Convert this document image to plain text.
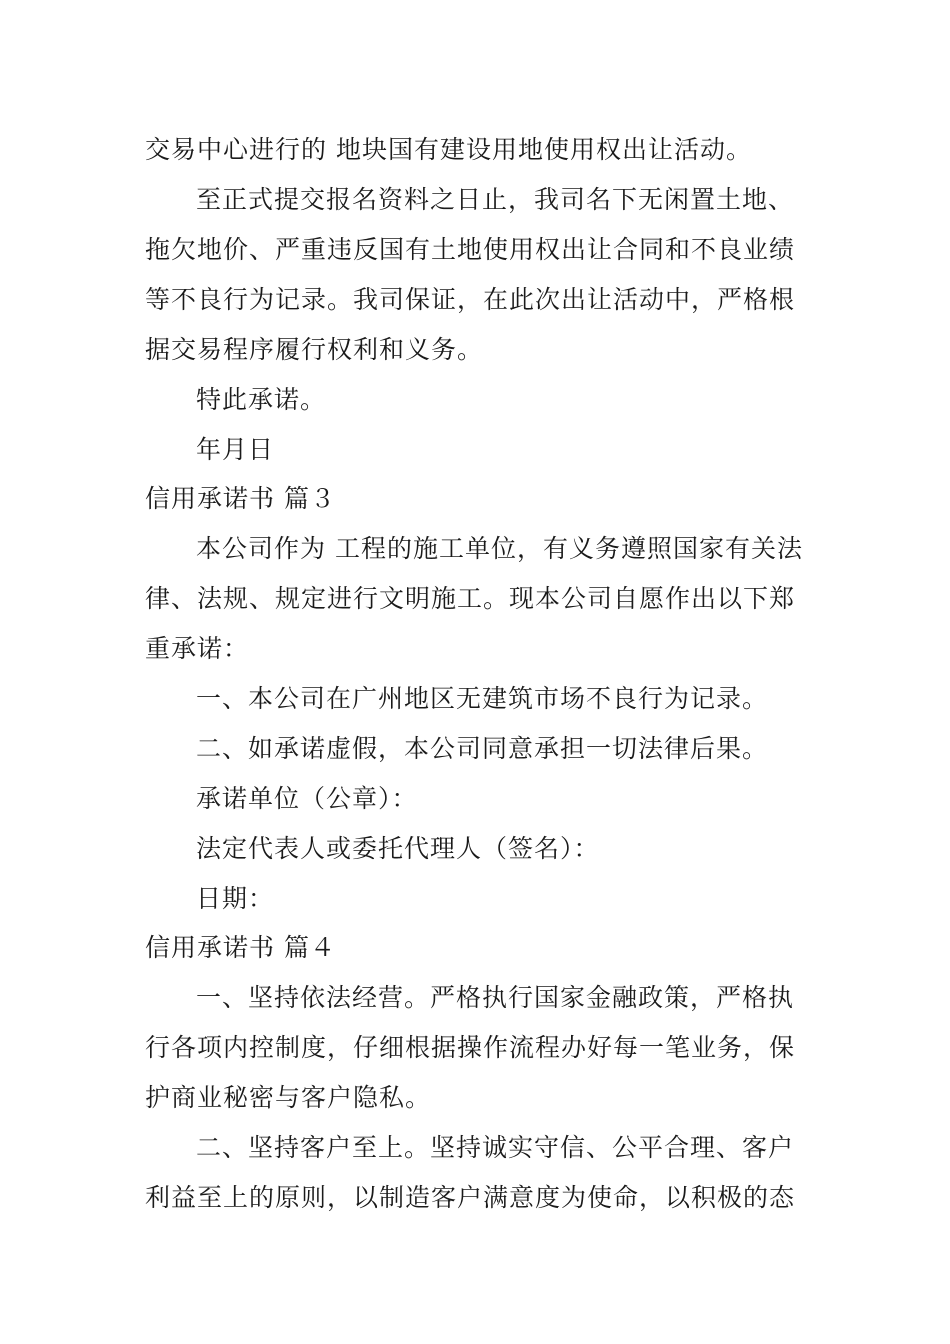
交易中心进行的 地块国有建设用地使用权出让活动。
至正式提交报名资料之日止，我司名下无闲置土地、
拖欠地价、严重违反国有土地使用权出让合同和不良业绩
等不良行为记录。我司保证，在此次出让活动中，严格根
据交易程序履行权利和义务。
特此承诺。
年月日
信用承诺书 篇３
本公司作为 工程的施工单位，有义务遵照国家有关法
律、法规、规定进行文明施工。现本公司自愿作出以下郑
重承诺：
一、本公司在广州地区无建筑市场不良行为记录。
二、如承诺虚假，本公司同意承担一切法律后果。
承诺单位（公章）：
法定代表人或委托代理人（签名）：
日期：
信用承诺书 篇４
一、坚持依法经营。严格执行国家金融政策，严格执
行各项内控制度，仔细根据操作流程办好每一笔业务，保
护商业秘密与客户隐私。
二、坚持客户至上。坚持诚实守信、公平合理、客户
利益至上的原则，以制造客户满意度为使命，以积极的态
